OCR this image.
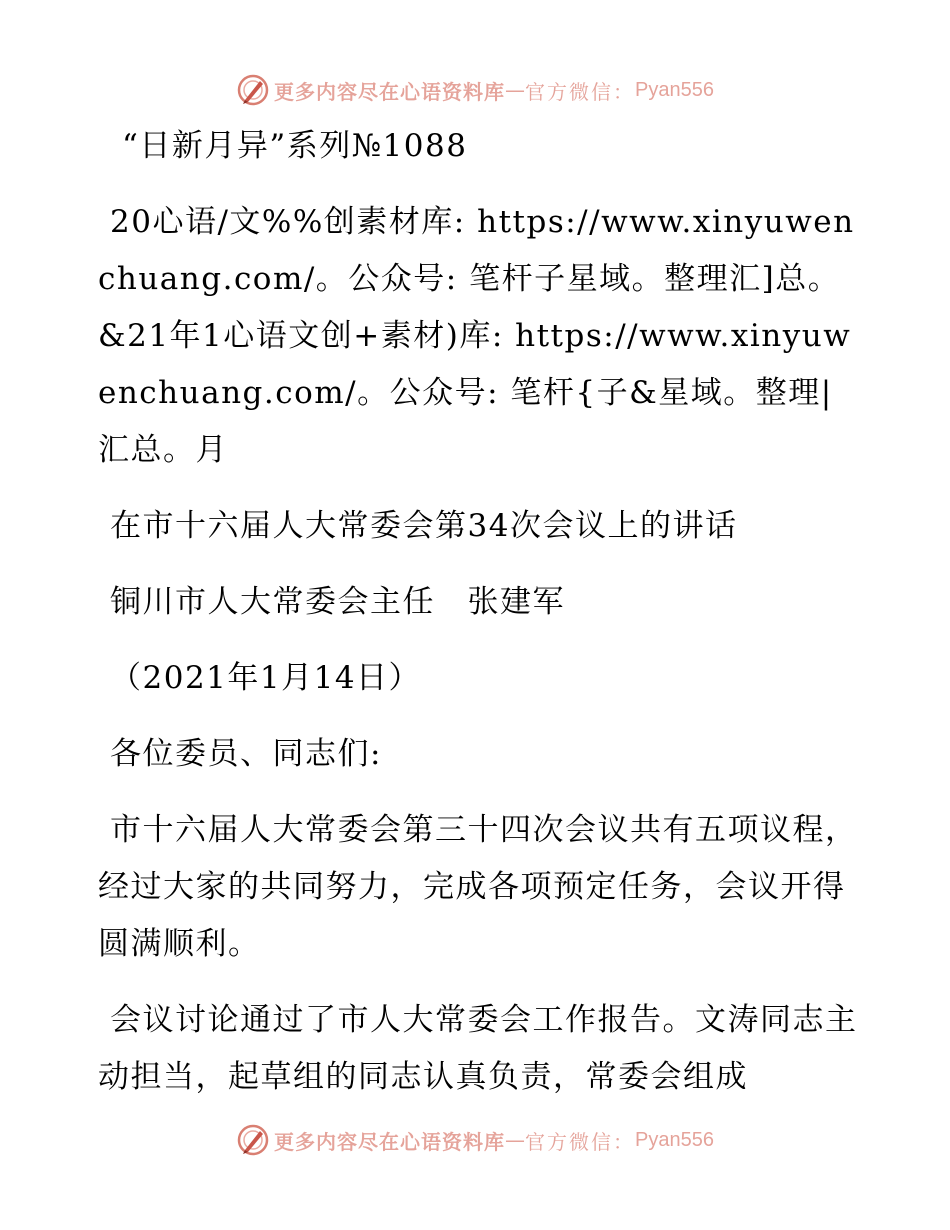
更多内容尽在心语资料库 — 官方微信： Pyan556

“日新月异”系列№1088

20心语/文%%创素材库: https://www.xinyuwenchuang.com/。公众号: 笔杆子星域。整理汇]总。&21年1心语文创+素材)库: https://www.xinyuwenchuang.com/。公众号: 笔杆{子&星域。整理|汇总。月

在市十六届人大常委会第34次会议上的讲话

铜川市人大常委会主任　张建军

（2021年1月14日）

各位委员、同志们:

市十六届人大常委会第三十四次会议共有五项议程，经过大家的共同努力，完成各项预定任务，会议开得圆满顺利。

会议讨论通过了市人大常委会工作报告。文涛同志主动担当，起草组的同志认真负责，常委会组成

更多内容尽在心语资料库 — 官方微信： Pyan556
